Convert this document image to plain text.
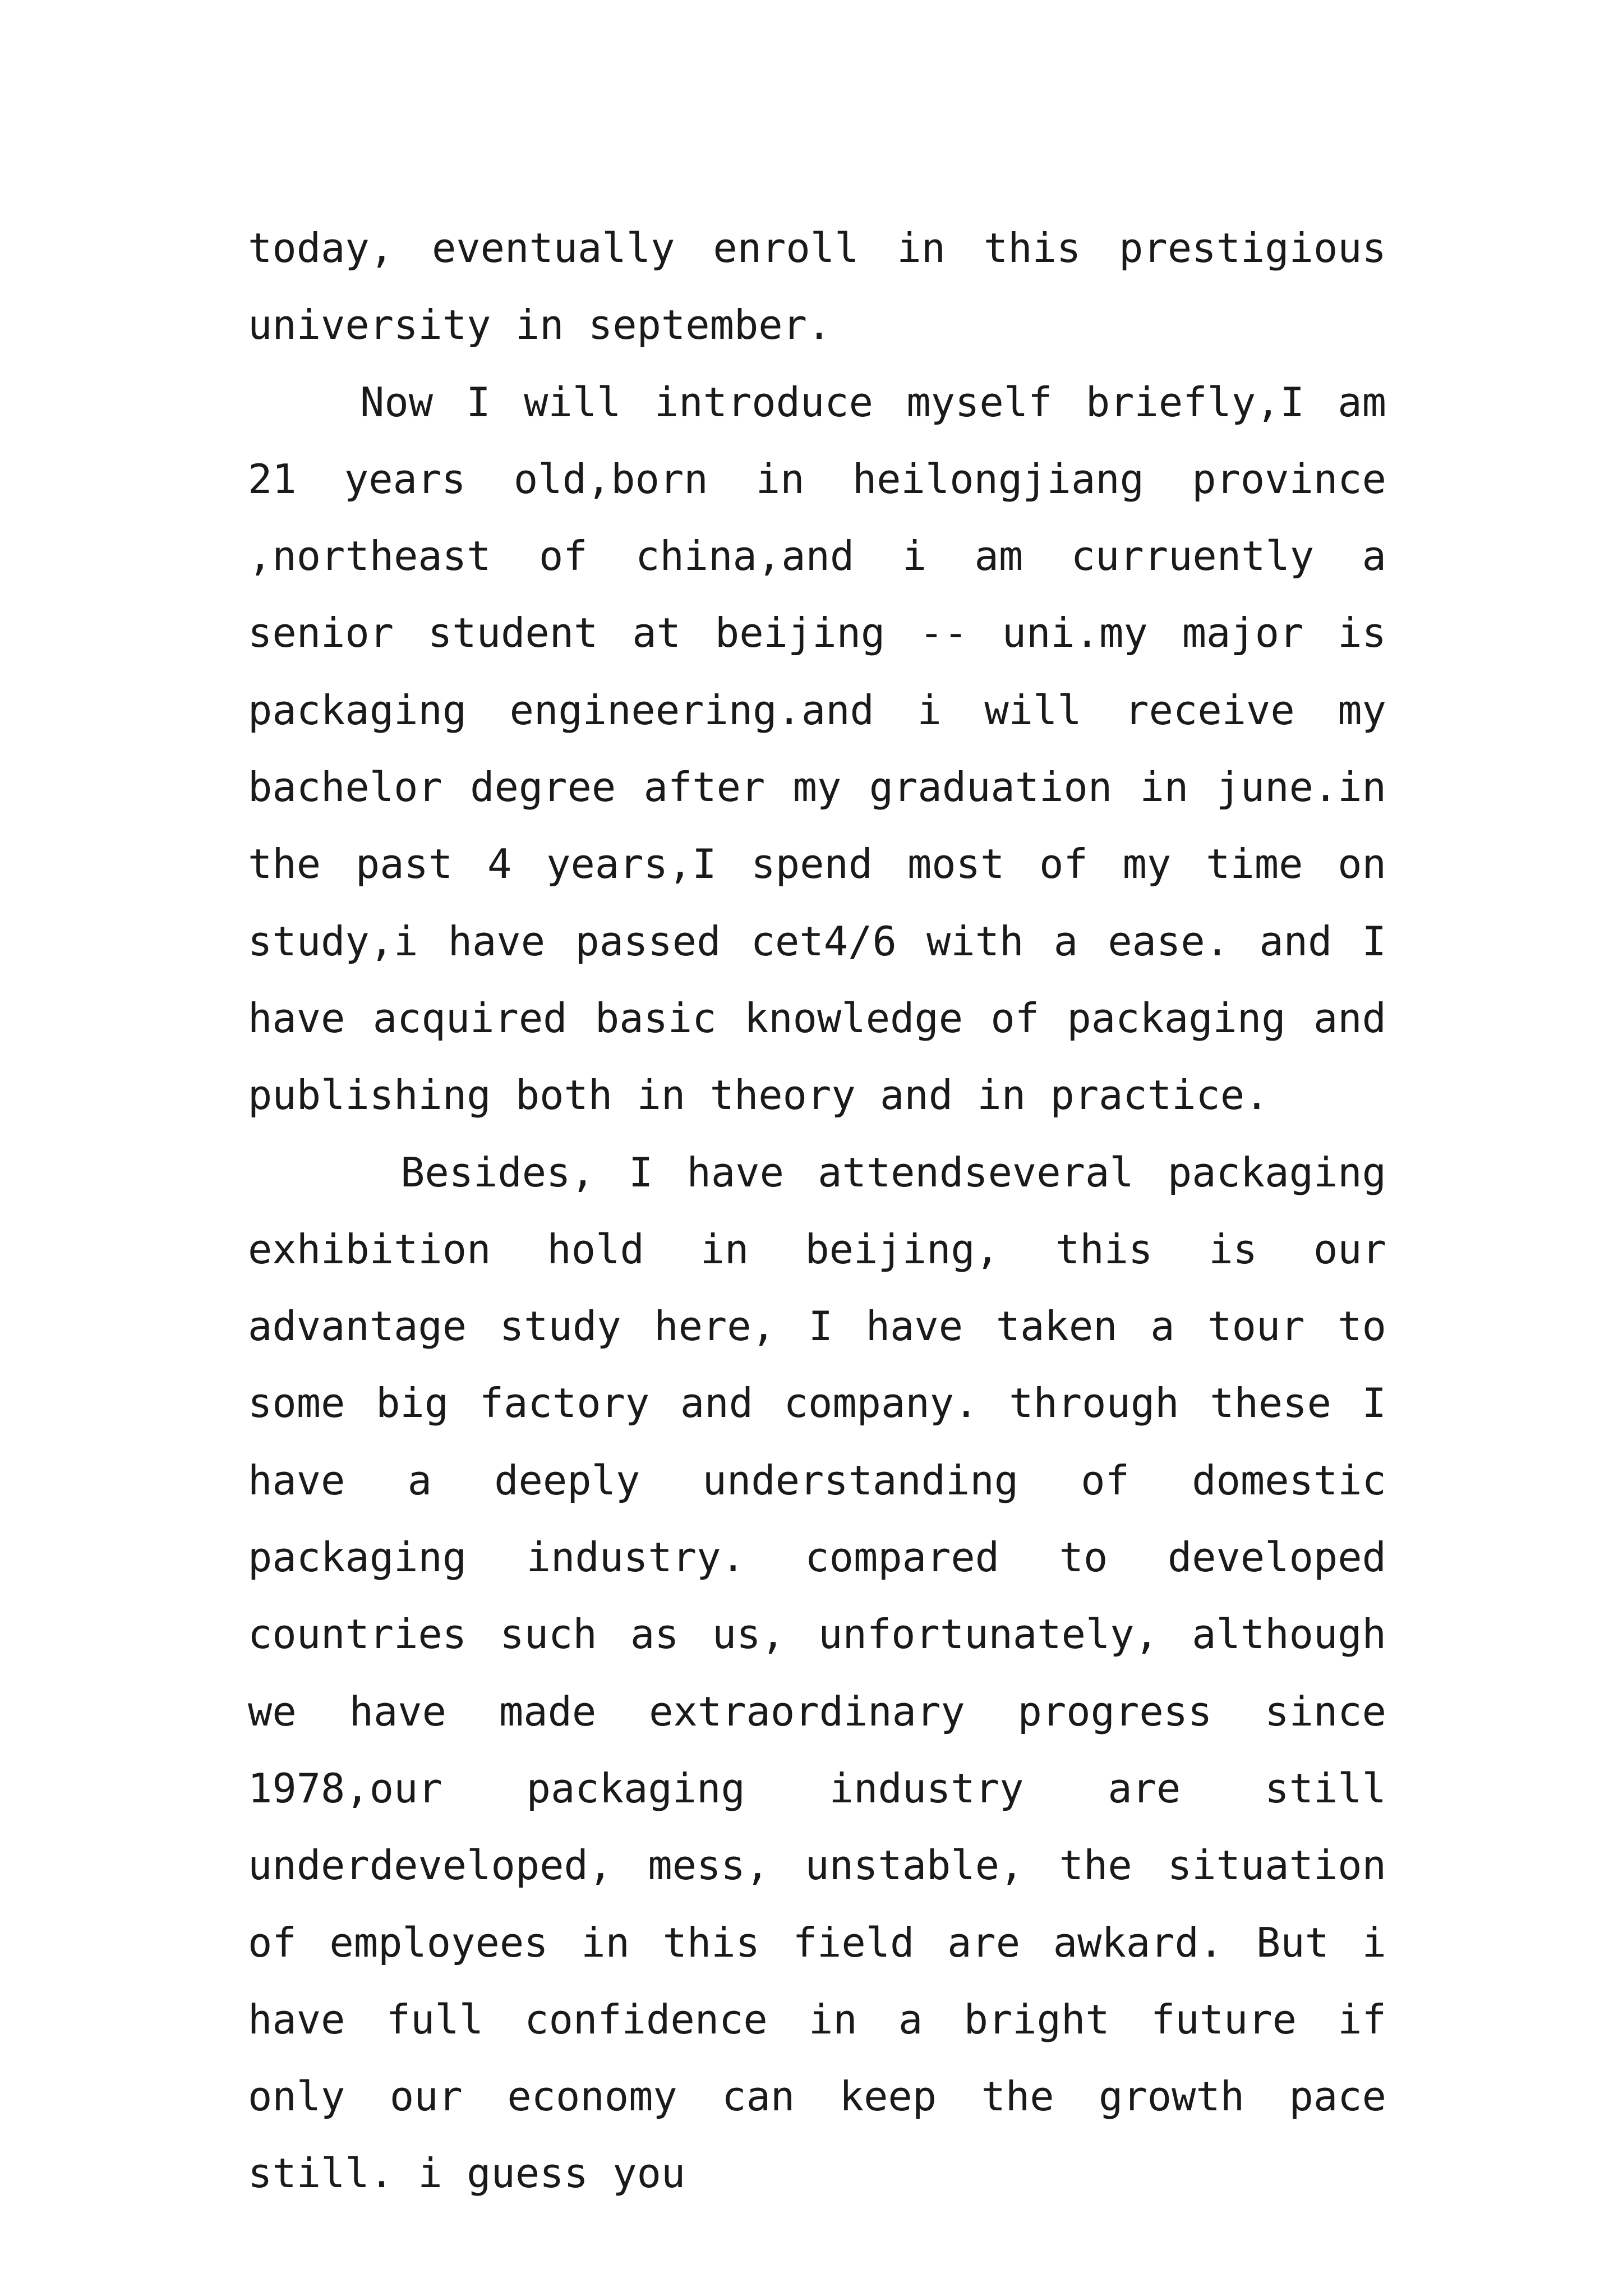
today, eventually enroll in this prestigious university in september.

Now I will introduce myself briefly,I am 21 years old,born in heilongjiang province ,northeast of china,and i am curruently a senior student at beijing -- uni.my major is packaging engineering.and i will receive my bachelor degree after my graduation in june.in the past 4 years,I spend most of my time on study,i have passed cet4/6 with a ease. and I have acquired basic knowledge of packaging and publishing both in theory and in practice.

Besides, I have attendseveral packaging exhibition hold in beijing, this is our advantage study here, I have taken a tour to some big factory and company. through these I have a deeply understanding of domestic packaging industry. compared to developed countries such as us, unfortunately, although we have made extraordinary progress since 1978,our packaging industry are still underdeveloped, mess, unstable, the situation of employees in this field are awkard. But i have full confidence in a bright future if only our economy can keep the growth pace still. i guess you
